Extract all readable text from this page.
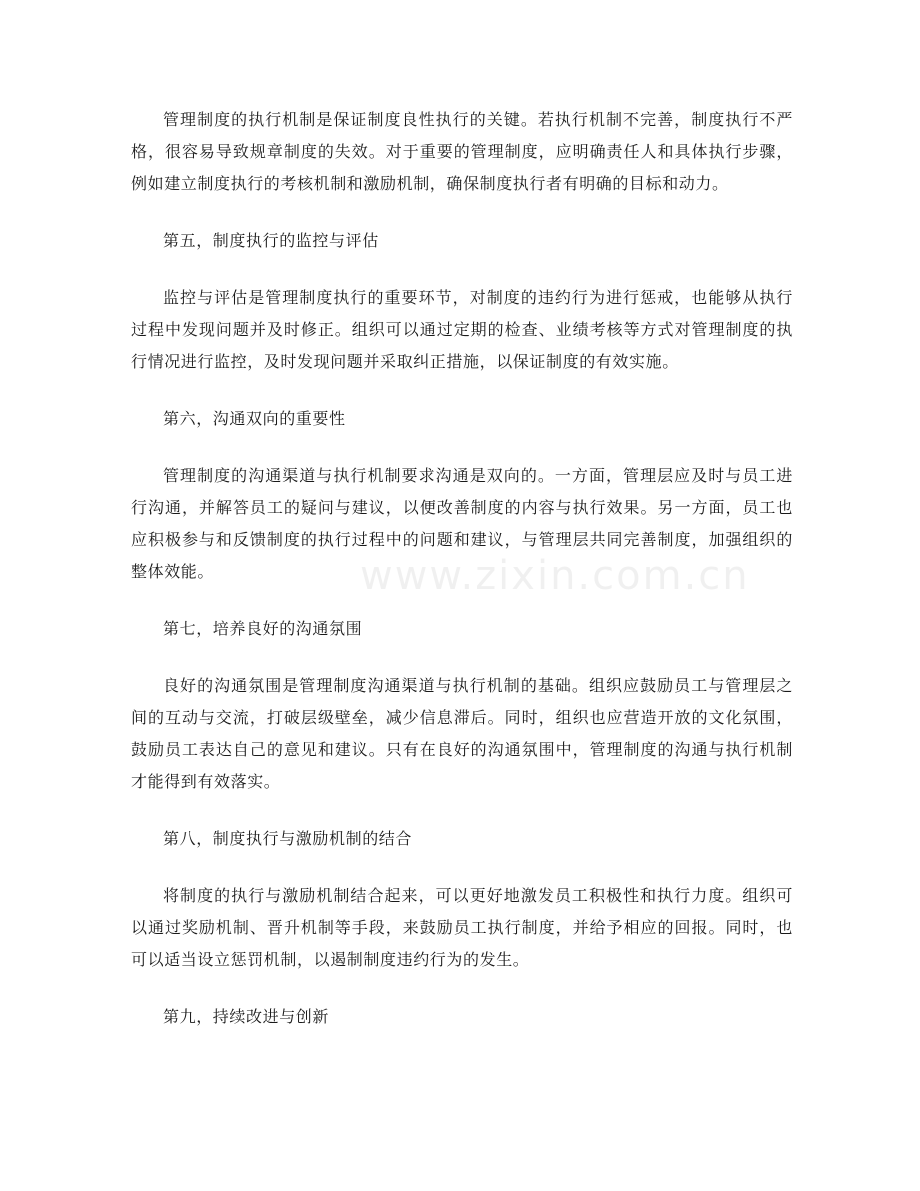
管理制度的执行机制是保证制度良性执行的关键。若执行机制不完善，制度执行不严格，很容易导致规章制度的失效。对于重要的管理制度，应明确责任人和具体执行步骤，例如建立制度执行的考核机制和激励机制，确保制度执行者有明确的目标和动力。

第五，制度执行的监控与评估

监控与评估是管理制度执行的重要环节，对制度的违约行为进行惩戒，也能够从执行过程中发现问题并及时修正。组织可以通过定期的检查、业绩考核等方式对管理制度的执行情况进行监控，及时发现问题并采取纠正措施，以保证制度的有效实施。

第六，沟通双向的重要性

管理制度的沟通渠道与执行机制要求沟通是双向的。一方面，管理层应及时与员工进行沟通，并解答员工的疑问与建议，以便改善制度的内容与执行效果。另一方面，员工也应积极参与和反馈制度的执行过程中的问题和建议，与管理层共同完善制度，加强组织的整体效能。

第七，培养良好的沟通氛围

良好的沟通氛围是管理制度沟通渠道与执行机制的基础。组织应鼓励员工与管理层之间的互动与交流，打破层级壁垒，减少信息滞后。同时，组织也应营造开放的文化氛围，鼓励员工表达自己的意见和建议。只有在良好的沟通氛围中，管理制度的沟通与执行机制才能得到有效落实。

第八，制度执行与激励机制的结合

将制度的执行与激励机制结合起来，可以更好地激发员工积极性和执行力度。组织可以通过奖励机制、晋升机制等手段，来鼓励员工执行制度，并给予相应的回报。同时，也可以适当设立惩罚机制，以遏制制度违约行为的发生。

第九，持续改进与创新

www.zixin.com.cn
